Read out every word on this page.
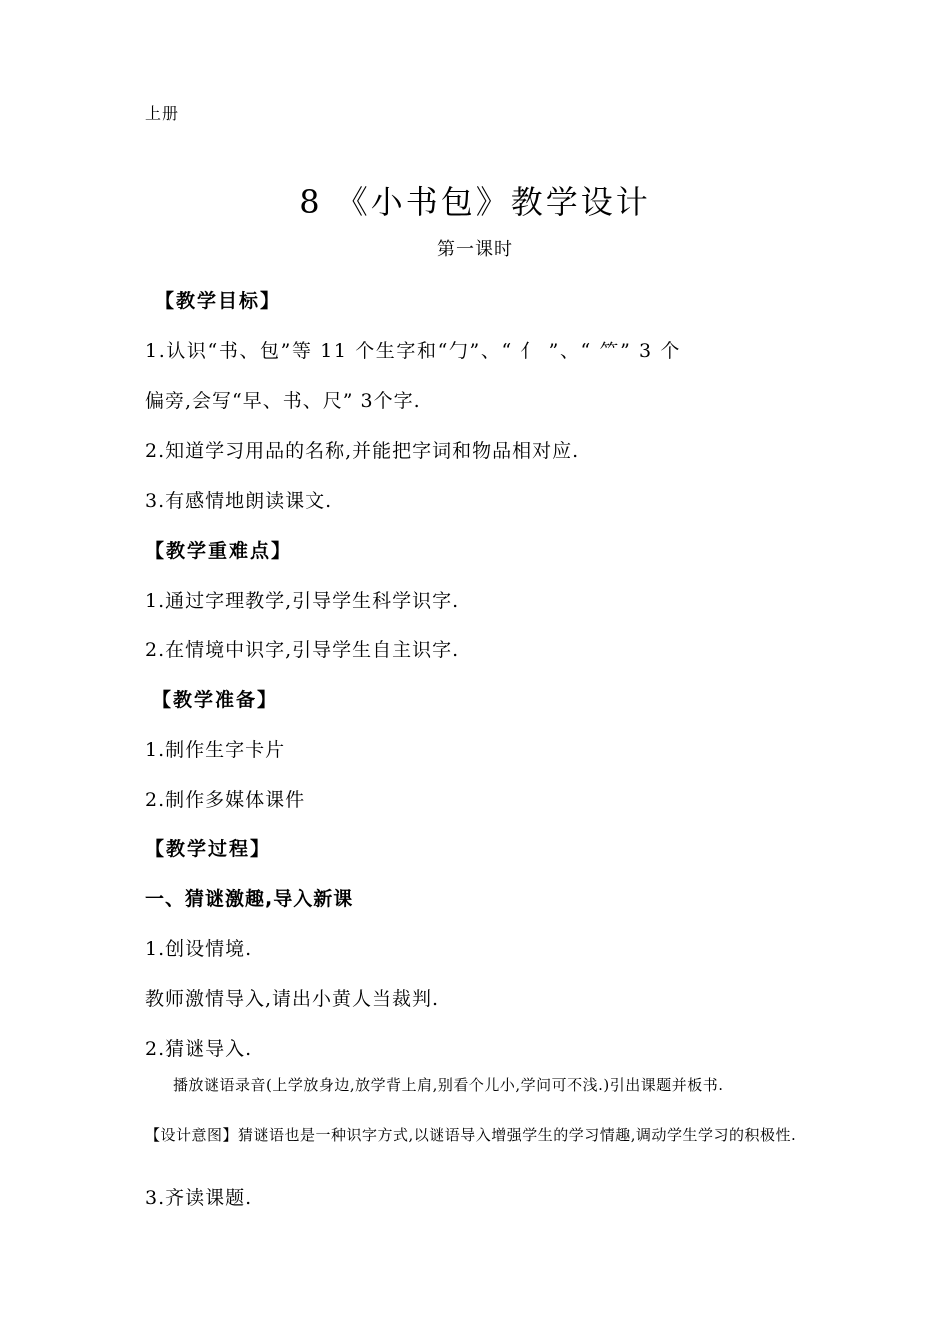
上册
8 《小书包》教学设计
第一课时
【教学目标】
1.认识“书、包”等 11 个生字和“勹”、“ 亻 ”、“ ⺮” 3 个
偏旁,会写“早、书、尺” 3个字.
2.知道学习用品的名称,并能把字词和物品相对应.
3.有感情地朗读课文.
【教学重难点】
1.通过字理教学,引导学生科学识字.
2.在情境中识字,引导学生自主识字.
【教学准备】
1.制作生字卡片
2.制作多媒体课件
【教学过程】
一、猜谜激趣,导入新课
1.创设情境.
教师激情导入,请出小黄人当裁判.
2.猜谜导入.
播放谜语录音(上学放身边,放学背上肩,别看个儿小,学问可不浅.)引出课题并板书.
【设计意图】猜谜语也是一种识字方式,以谜语导入增强学生的学习情趣,调动学生学习的积极性.
3.齐读课题.
